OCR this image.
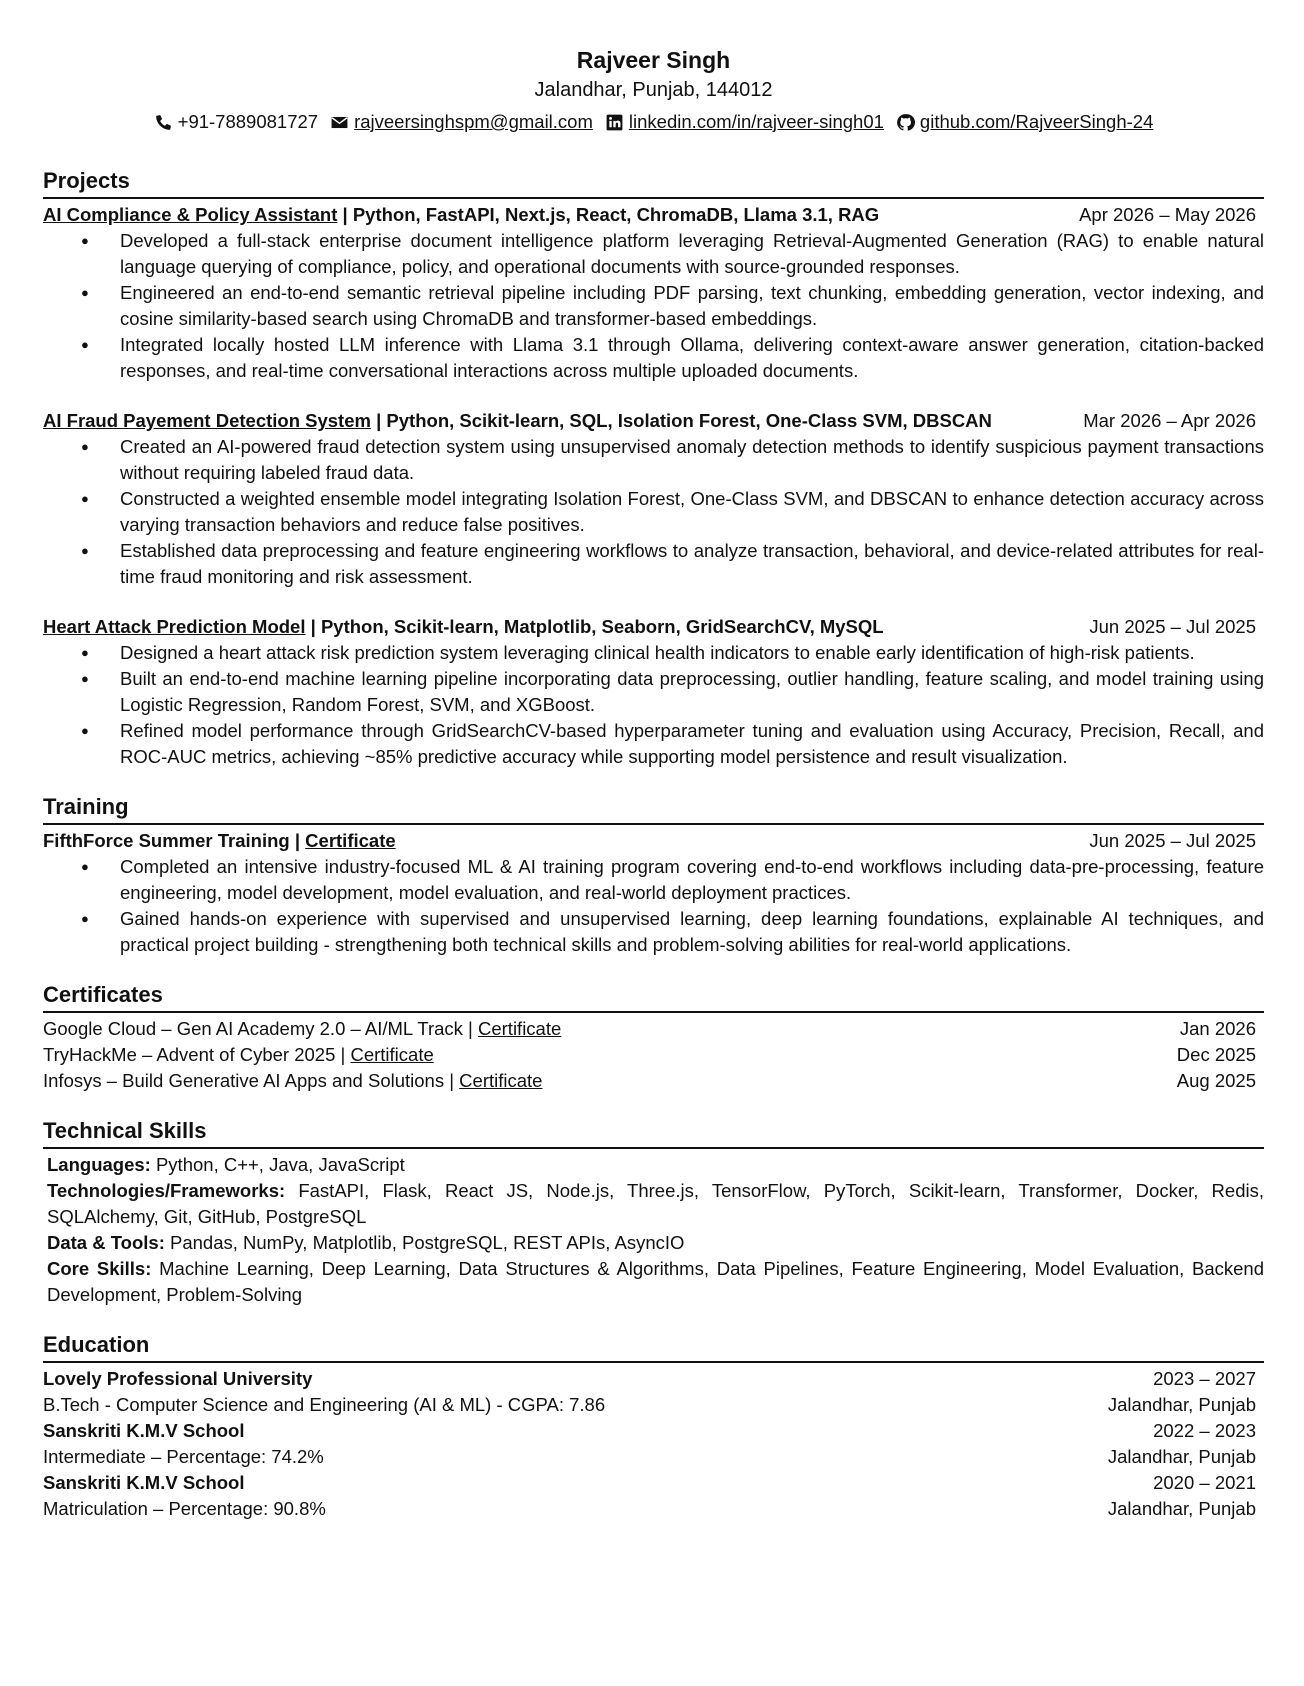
Rajveer Singh
Jalandhar, Punjab, 144012
+91-7889081727 rajveersinghspm@gmail.com linkedin.com/in/rajveer-singh01 github.com/RajveerSingh-24
Projects
AI Compliance & Policy Assistant | Python, FastAPI, Next.js, React, ChromaDB, Llama 3.1, RAG	Apr 2026 – May 2026
● Developed a full-stack enterprise document intelligence platform leveraging Retrieval-Augmented Generation (RAG) to enable natural language querying of compliance, policy, and operational documents with source-grounded responses.
● Engineered an end-to-end semantic retrieval pipeline including PDF parsing, text chunking, embedding generation, vector indexing, and cosine similarity-based search using ChromaDB and transformer-based embeddings.
● Integrated locally hosted LLM inference with Llama 3.1 through Ollama, delivering context-aware answer generation, citation-backed responses, and real-time conversational interactions across multiple uploaded documents.
AI Fraud Payement Detection System | Python, Scikit-learn, SQL, Isolation Forest, One-Class SVM, DBSCAN	Mar 2026 – Apr 2026
● Created an AI-powered fraud detection system using unsupervised anomaly detection methods to identify suspicious payment transactions without requiring labeled fraud data.
● Constructed a weighted ensemble model integrating Isolation Forest, One-Class SVM, and DBSCAN to enhance detection accuracy across varying transaction behaviors and reduce false positives.
● Established data preprocessing and feature engineering workflows to analyze transaction, behavioral, and device-related attributes for real-time fraud monitoring and risk assessment.
Heart Attack Prediction Model | Python, Scikit-learn, Matplotlib, Seaborn, GridSearchCV, MySQL	Jun 2025 – Jul 2025
● Designed a heart attack risk prediction system leveraging clinical health indicators to enable early identification of high-risk patients.
● Built an end-to-end machine learning pipeline incorporating data preprocessing, outlier handling, feature scaling, and model training using Logistic Regression, Random Forest, SVM, and XGBoost.
● Refined model performance through GridSearchCV-based hyperparameter tuning and evaluation using Accuracy, Precision, Recall, and ROC-AUC metrics, achieving ~85% predictive accuracy while supporting model persistence and result visualization.
Training
FifthForce Summer Training | Certificate	Jun 2025 – Jul 2025
● Completed an intensive industry-focused ML & AI training program covering end-to-end workflows including data-pre-processing, feature engineering, model development, model evaluation, and real-world deployment practices.
● Gained hands-on experience with supervised and unsupervised learning, deep learning foundations, explainable AI techniques, and practical project building - strengthening both technical skills and problem-solving abilities for real-world applications.
Certificates
Google Cloud – Gen AI Academy 2.0 – AI/ML Track | Certificate	Jan 2026
TryHackMe – Advent of Cyber 2025 | Certificate	Dec 2025
Infosys – Build Generative AI Apps and Solutions | Certificate	Aug 2025
Technical Skills
Languages: Python, C++, Java, JavaScript
Technologies/Frameworks: FastAPI, Flask, React JS, Node.js, Three.js, TensorFlow, PyTorch, Scikit-learn, Transformer, Docker, Redis, SQLAlchemy, Git, GitHub, PostgreSQL
Data & Tools: Pandas, NumPy, Matplotlib, PostgreSQL, REST APIs, AsyncIO
Core Skills: Machine Learning, Deep Learning, Data Structures & Algorithms, Data Pipelines, Feature Engineering, Model Evaluation, Backend Development, Problem-Solving
Education
Lovely Professional University	2023 – 2027
B.Tech - Computer Science and Engineering (AI & ML) - CGPA: 7.86	Jalandhar, Punjab
Sanskriti K.M.V School	2022 – 2023
Intermediate – Percentage: 74.2%	Jalandhar, Punjab
Sanskriti K.M.V School	2020 – 2021
Matriculation – Percentage: 90.8%	Jalandhar, Punjab
